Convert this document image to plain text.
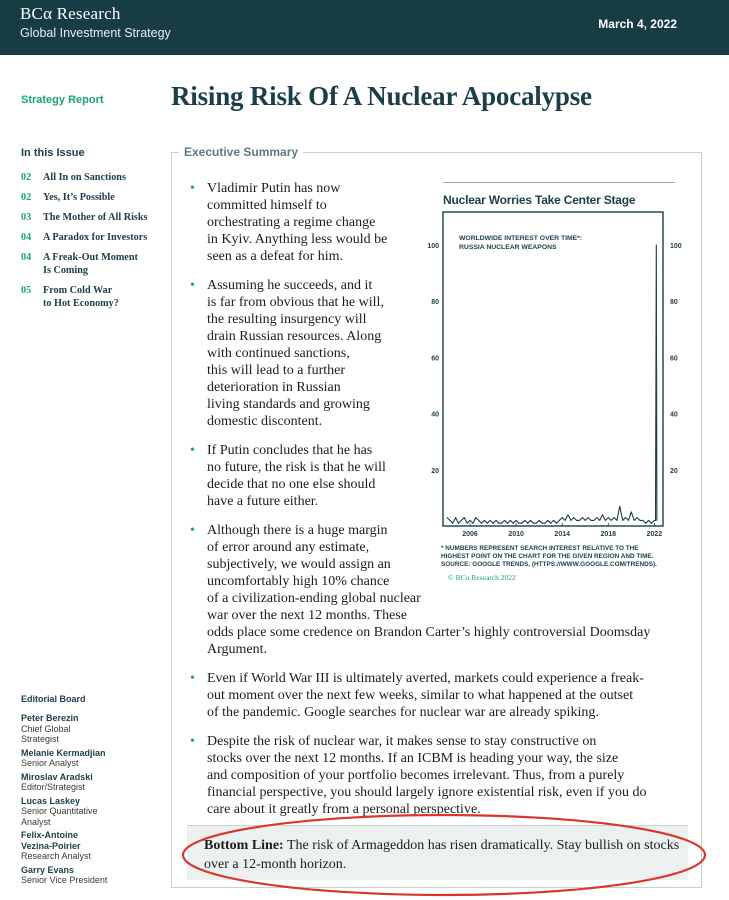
BCα Research
Global Investment Strategy
March 4, 2022
Strategy Report Rising Risk Of A Nuclear Apocalypse
In this Issue
02	All In on Sanctions
02	Yes, It’s Possible
03	The Mother of All Risks
04	A Paradox for Investors
04	A Freak-Out Moment
Is Coming
05	From Cold War
to Hot Economy?
Editorial Board
Peter Berezin
Chief Global
Strategist
Melanie Kermadjian
Senior Analyst
Miroslav Aradski
Editor/Strategist
Lucas Laskey
Senior Quantitative
Analyst
Felix-Antoine
Vezina-Poirier
Research Analyst
Garry Evans
Senior Vice President
Executive Summary
• Vladimir Putin has now
committed himself to
orchestrating a regime change
in Kyiv. Anything less would be
seen as a defeat for him.
• Assuming he succeeds, and it
is far from obvious that he will,
the resulting insurgency will
drain Russian resources. Along
with continued sanctions,
this will lead to a further
deterioration in Russian
living standards and growing
domestic discontent.
• If Putin concludes that he has
no future, the risk is that he will
decide that no one else should
have a future either.
• Although there is a huge margin
of error around any estimate,
subjectively, we would assign an
uncomfortably high 10% chance
of a civilization-ending global nuclear war over the next 12 months. These
odds place some credence on Brandon Carter’s highly controversial Doomsday
Argument.
• Even if World War III is ultimately averted, markets could experience a freak-
out moment over the next few weeks, similar to what happened at the outset
of the pandemic. Google searches for nuclear war are already spiking.
• Despite the risk of nuclear war, it makes sense to stay constructive on
stocks over the next 12 months. If an ICBM is heading your way, the size
and composition of your portfolio becomes irrelevant. Thus, from a purely
financial perspective, you should largely ignore existential risk, even if you do
care about it greatly from a personal perspective.
Nuclear Worries Take Center Stage
100	100
80	80
60	60
40	40
20	20
2006	2010	2014	2018	2022
WORLDWIDE INTEREST OVER TIME*:
RUSSIA NUCLEAR WEAPONS
* NUMBERS REPRESENT SEARCH INTEREST RELATIVE TO THE
HIGHEST POINT ON THE CHART FOR THE GIVEN REGION AND TIME.
SOURCE: GOOGLE TRENDS, (HTTPS://WWW.GOOGLE.COM/TRENDS).
© BCα Research 2022
Bottom Line: The risk of Armageddon has risen dramatically. Stay bullish on stocks over a 12-month horizon.
